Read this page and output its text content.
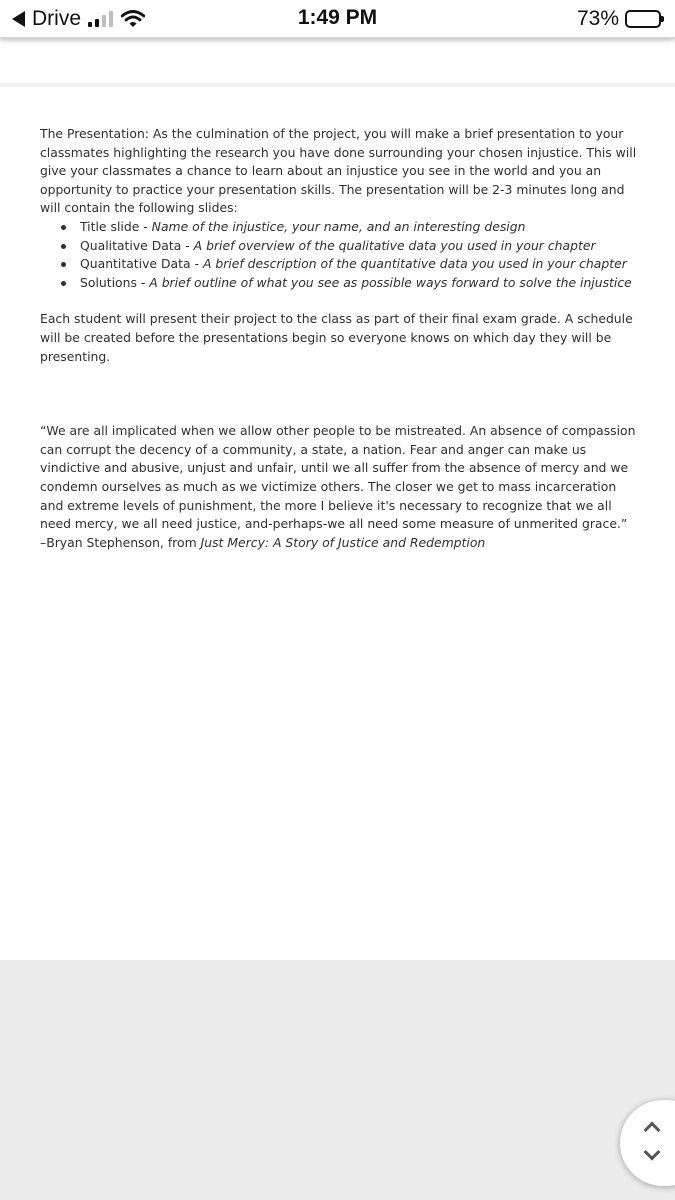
Drive	1:49 PM	73%

The Presentation: As the culmination of the project, you will make a brief presentation to your classmates highlighting the research you have done surrounding your chosen injustice. This will give your classmates a chance to learn about an injustice you see in the world and you an opportunity to practice your presentation skills. The presentation will be 2-3 minutes long and will contain the following slides:

Title slide - Name of the injustice, your name, and an interesting design
Qualitative Data - A brief overview of the qualitative data you used in your chapter
Quantitative Data - A brief description of the quantitative data you used in your chapter
Solutions - A brief outline of what you see as possible ways forward to solve the injustice

Each student will present their project to the class as part of their final exam grade. A schedule will be created before the presentations begin so everyone knows on which day they will be presenting.

“We are all implicated when we allow other people to be mistreated. An absence of compassion can corrupt the decency of a community, a state, a nation. Fear and anger can make us vindictive and abusive, unjust and unfair, until we all suffer from the absence of mercy and we condemn ourselves as much as we victimize others. The closer we get to mass incarceration and extreme levels of punishment, the more I believe it's necessary to recognize that we all need mercy, we all need justice, and-perhaps-we all need some measure of unmerited grace.”

–Bryan Stephenson, from Just Mercy: A Story of Justice and Redemption
